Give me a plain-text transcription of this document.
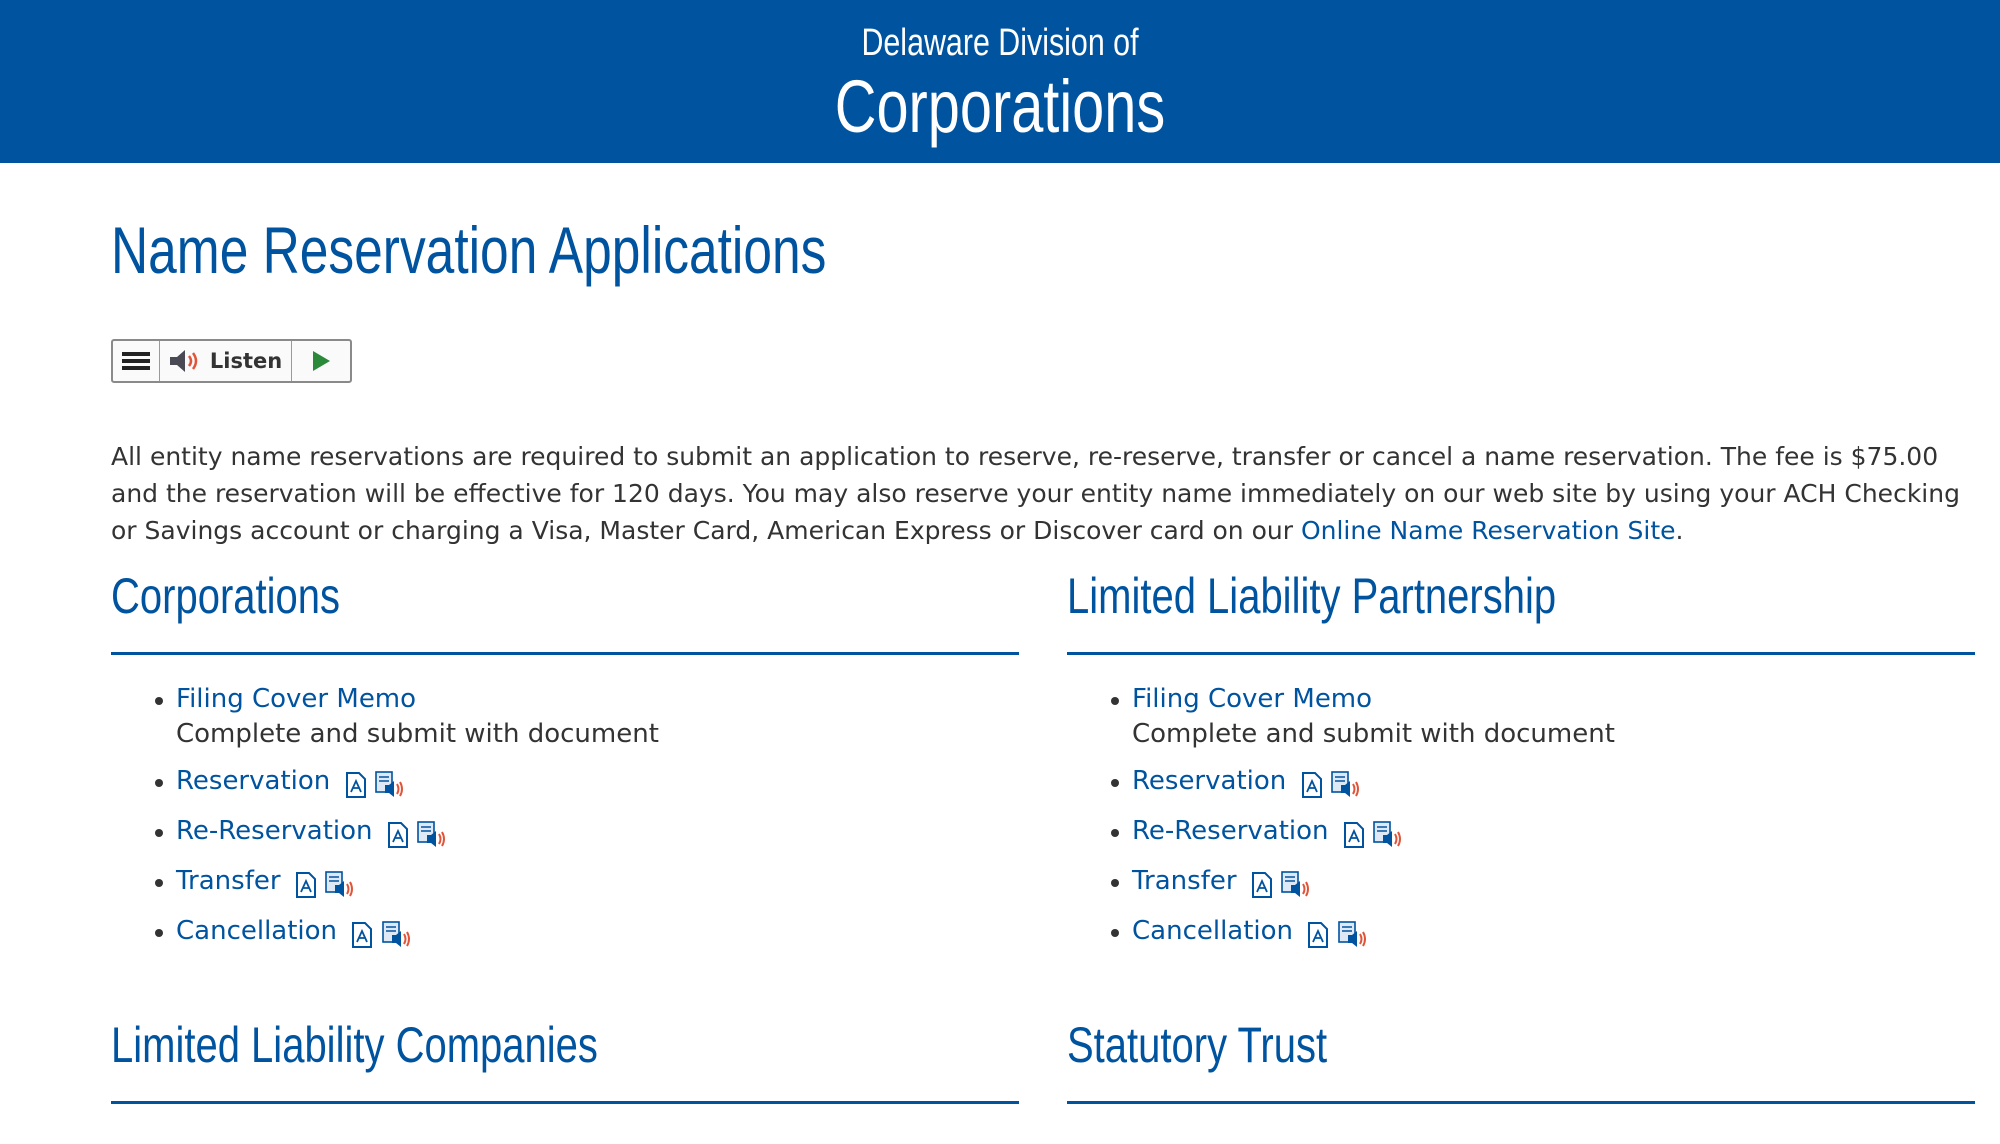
Delaware Division of
Corporations
Name Reservation Applications
Listen

All entity name reservations are required to submit an application to reserve, re-reserve, transfer or cancel a name reservation. The fee is $75.00 and the reservation will be effective for 120 days. You may also reserve your entity name immediately on our web site by using your ACH Checking or Savings account or charging a Visa, Master Card, American Express or Discover card on our Online Name Reservation Site.

Corporations
Filing Cover Memo
Complete and submit with document
Reservation
Re-Reservation
Transfer
Cancellation
Limited Liability Partnership
Filing Cover Memo
Complete and submit with document
Reservation
Re-Reservation
Transfer
Cancellation
Limited Liability Companies	Statutory Trust
